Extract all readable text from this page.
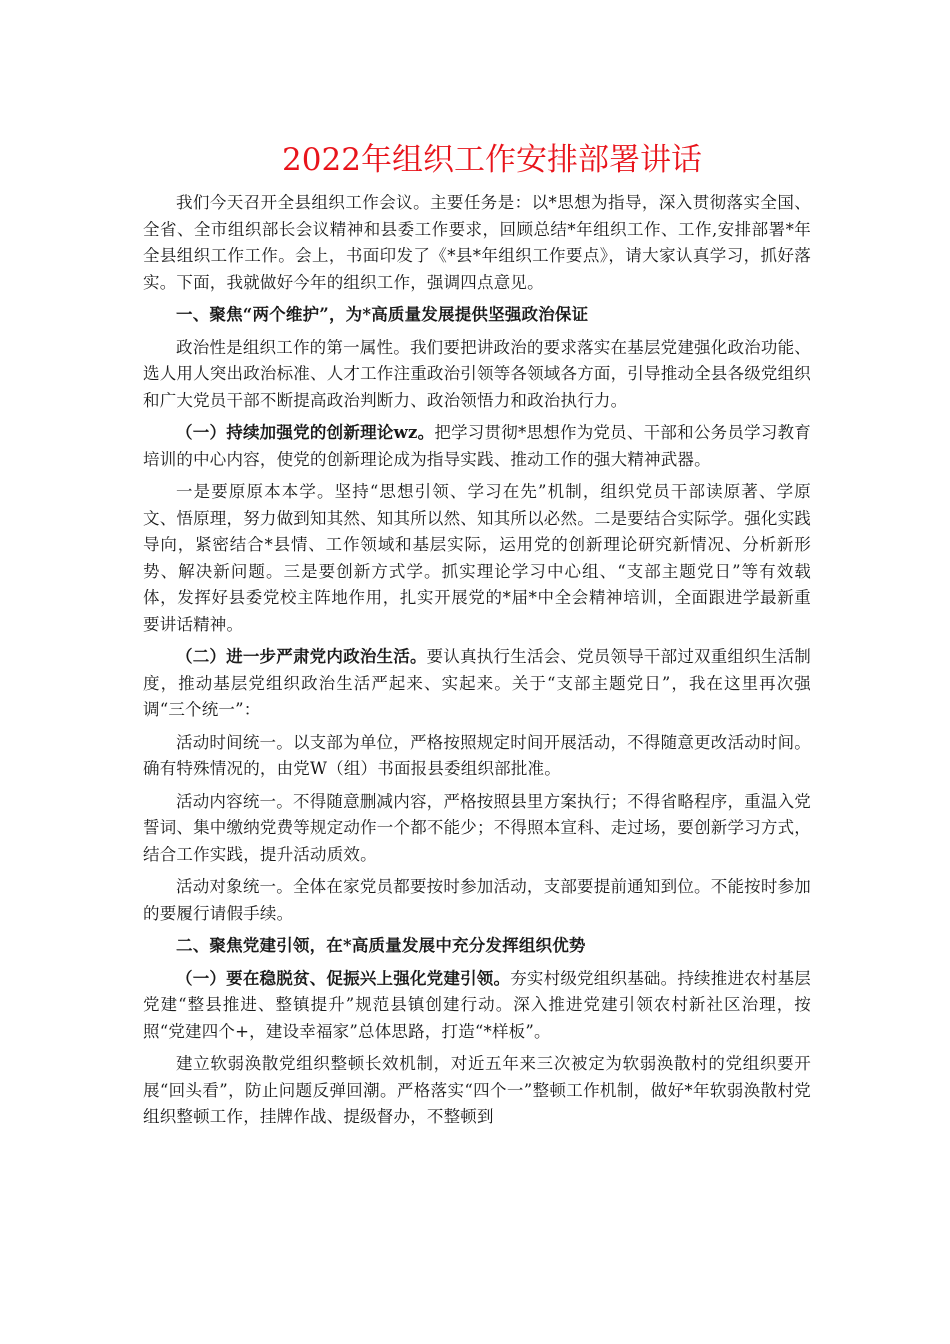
2022年组织工作安排部署讲话

我们今天召开全县组织工作会议。主要任务是：以*思想为指导，深入贯彻落实全国、全省、全市组织部长会议精神和县委工作要求，回顾总结*年组织工作、工作,安排部署*年全县组织工作工作。会上，书面印发了《*县*年组织工作要点》，请大家认真学习，抓好落实。下面，我就做好今年的组织工作，强调四点意见。

一、聚焦“两个维护”，为*高质量发展提供坚强政治保证

政治性是组织工作的第一属性。我们要把讲政治的要求落实在基层党建强化政治功能、选人用人突出政治标准、人才工作注重政治引领等各领域各方面，引导推动全县各级党组织和广大党员干部不断提高政治判断力、政治领悟力和政治执行力。

（一）持续加强党的创新理论wz。把学习贯彻*思想作为党员、干部和公务员学习教育培训的中心内容，使党的创新理论成为指导实践、推动工作的强大精神武器。

一是要原原本本学。坚持“思想引领、学习在先”机制，组织党员干部读原著、学原文、悟原理，努力做到知其然、知其所以然、知其所以必然。二是要结合实际学。强化实践导向，紧密结合*县情、工作领域和基层实际，运用党的创新理论研究新情况、分析新形势、解决新问题。三是要创新方式学。抓实理论学习中心组、“支部主题党日”等有效载体，发挥好县委党校主阵地作用，扎实开展党的*届*中全会精神培训，全面跟进学最新重要讲话精神。

（二）进一步严肃党内政治生活。要认真执行生活会、党员领导干部过双重组织生活制度，推动基层党组织政治生活严起来、实起来。关于“支部主题党日”，我在这里再次强调“三个统一”：

活动时间统一。以支部为单位，严格按照规定时间开展活动，不得随意更改活动时间。确有特殊情况的，由党W（组）书面报县委组织部批准。

活动内容统一。不得随意删减内容，严格按照县里方案执行；不得省略程序，重温入党誓词、集中缴纳党费等规定动作一个都不能少；不得照本宣科、走过场，要创新学习方式，结合工作实践，提升活动质效。

活动对象统一。全体在家党员都要按时参加活动，支部要提前通知到位。不能按时参加的要履行请假手续。

二、聚焦党建引领，在*高质量发展中充分发挥组织优势

（一）要在稳脱贫、促振兴上强化党建引领。夯实村级党组织基础。持续推进农村基层党建“整县推进、整镇提升”规范县镇创建行动。深入推进党建引领农村新社区治理，按照“党建四个+，建设幸福家”总体思路，打造“*样板”。

建立软弱涣散党组织整顿长效机制，对近五年来三次被定为软弱涣散村的党组织要开展“回头看”，防止问题反弹回潮。严格落实“四个一”整顿工作机制，做好*年软弱涣散村党组织整顿工作，挂牌作战、提级督办，不整顿到
